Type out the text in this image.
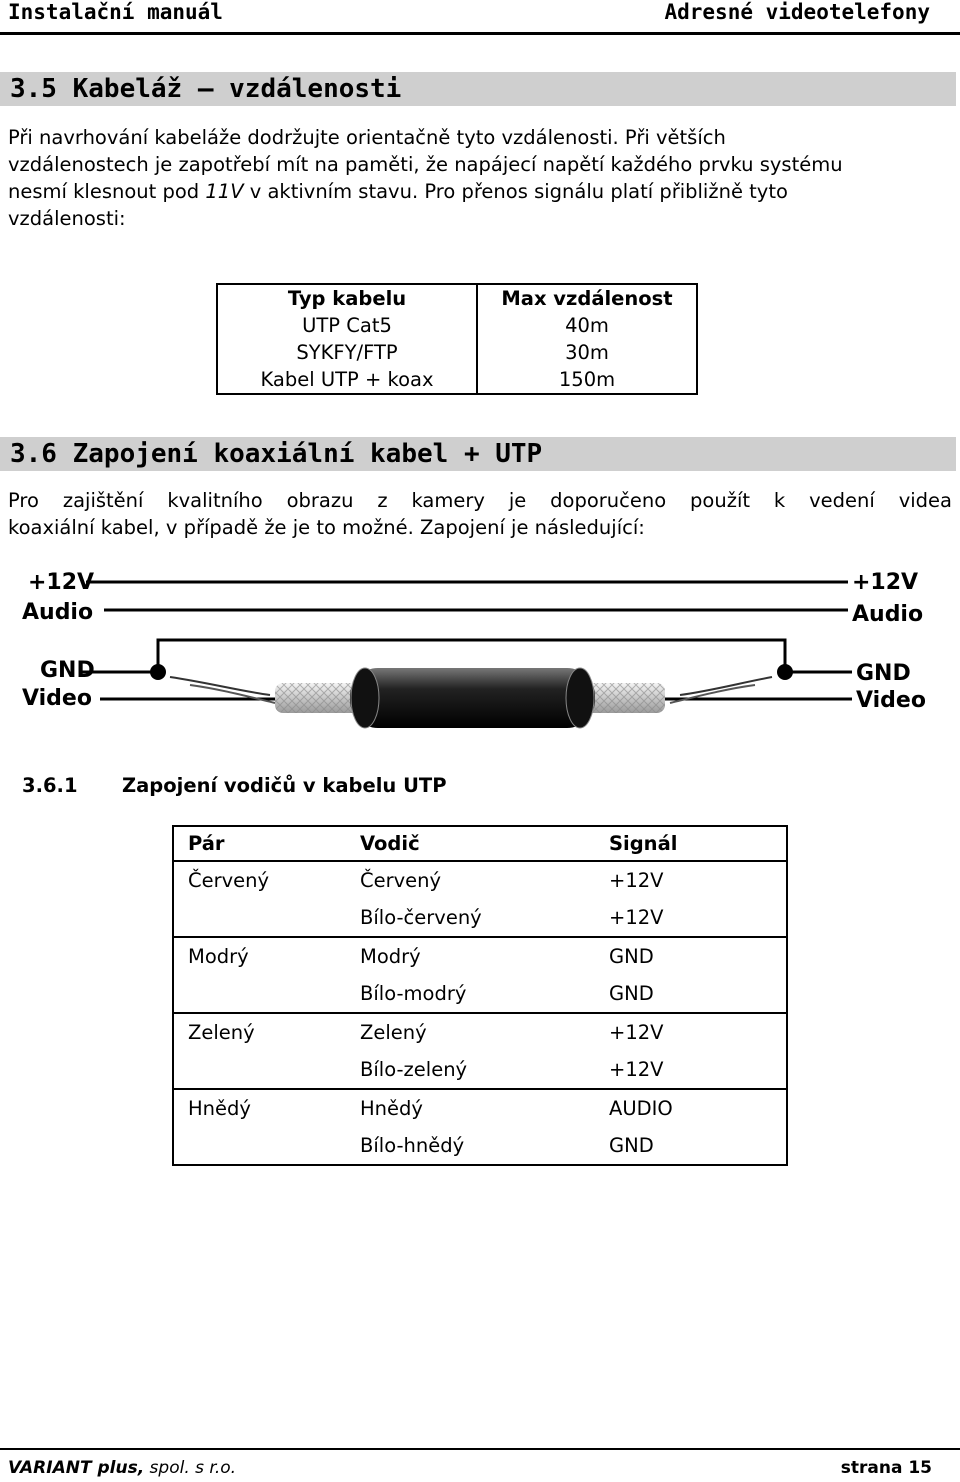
Instalační manuál	Adresné videotelefony
3.5 Kabeláž – vzdálenosti
Při navrhování kabeláže dodržujte orientačně tyto vzdálenosti. Při větších
vzdálenostech je zapotřebí mít na paměti, že napájecí napětí každého prvku systému
nesmí klesnout pod 11V v aktivním stavu. Pro přenos signálu platí přibližně tyto
vzdálenosti:
Typ kabelu	Max vzdálenost
UTP Cat5	40m
SYKFY/FTP	30m
Kabel UTP + koax	150m
3.6 Zapojení koaxiální kabel + UTP
Pro zajištění kvalitního obrazu z kamery je doporučeno použít k vedení videa
koaxiální kabel, v případě že je to možné. Zapojení je následující:
+12V
Audio
GND
Video
+12V
Audio
GND
Video
3.6.1 Zapojení vodičů v kabelu UTP
Pár	Vodič	Signál
Červený	Červený	+12V
	Bílo-červený	+12V
Modrý	Modrý	GND
	Bílo-modrý	GND
Zelený	Zelený	+12V
	Bílo-zelený	+12V
Hnědý	Hnědý	AUDIO
	Bílo-hnědý	GND
VARIANT plus, spol. s r.o.	strana 15
